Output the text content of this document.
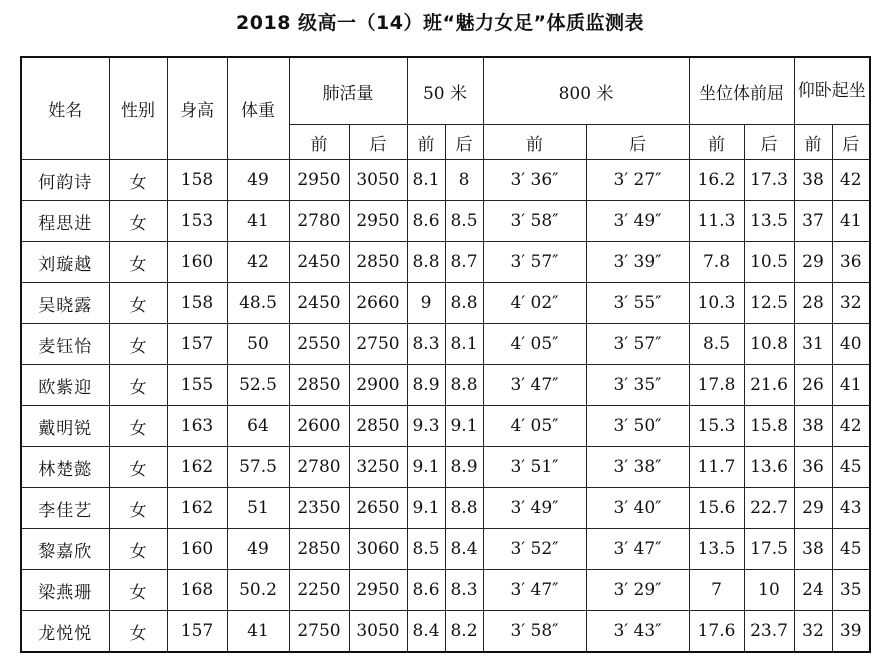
2018 级高一（14）班“魅力女足”体质监测表
姓名	性别	身高	体重	肺活量		50 米		800 米		坐位体前屈		仰卧起坐	
				前	后	前	后	前	后	前	后	前	后
何韵诗	女	158	49	2950	3050	8.1	8	3′ 36″	3′ 27″	16.2	17.3	38	42
程思进	女	153	41	2780	2950	8.6	8.5	3′ 58″	3′ 49″	11.3	13.5	37	41
刘璇越	女	160	42	2450	2850	8.8	8.7	3′ 57″	3′ 39″	7.8	10.5	29	36
吴晓露	女	158	48.5	2450	2660	9	8.8	4′ 02″	3′ 55″	10.3	12.5	28	32
麦钰怡	女	157	50	2550	2750	8.3	8.1	4′ 05″	3′ 57″	8.5	10.8	31	40
欧紫迎	女	155	52.5	2850	2900	8.9	8.8	3′ 47″	3′ 35″	17.8	21.6	26	41
戴明锐	女	163	64	2600	2850	9.3	9.1	4′ 05″	3′ 50″	15.3	15.8	38	42
林楚懿	女	162	57.5	2780	3250	9.1	8.9	3′ 51″	3′ 38″	11.7	13.6	36	45
李佳艺	女	162	51	2350	2650	9.1	8.8	3′ 49″	3′ 40″	15.6	22.7	29	43
黎嘉欣	女	160	49	2850	3060	8.5	8.4	3′ 52″	3′ 47″	13.5	17.5	38	45
梁燕珊	女	168	50.2	2250	2950	8.6	8.3	3′ 47″	3′ 29″	7	10	24	35
龙悦悦	女	157	41	2750	3050	8.4	8.2	3′ 58″	3′ 43″	17.6	23.7	32	39
